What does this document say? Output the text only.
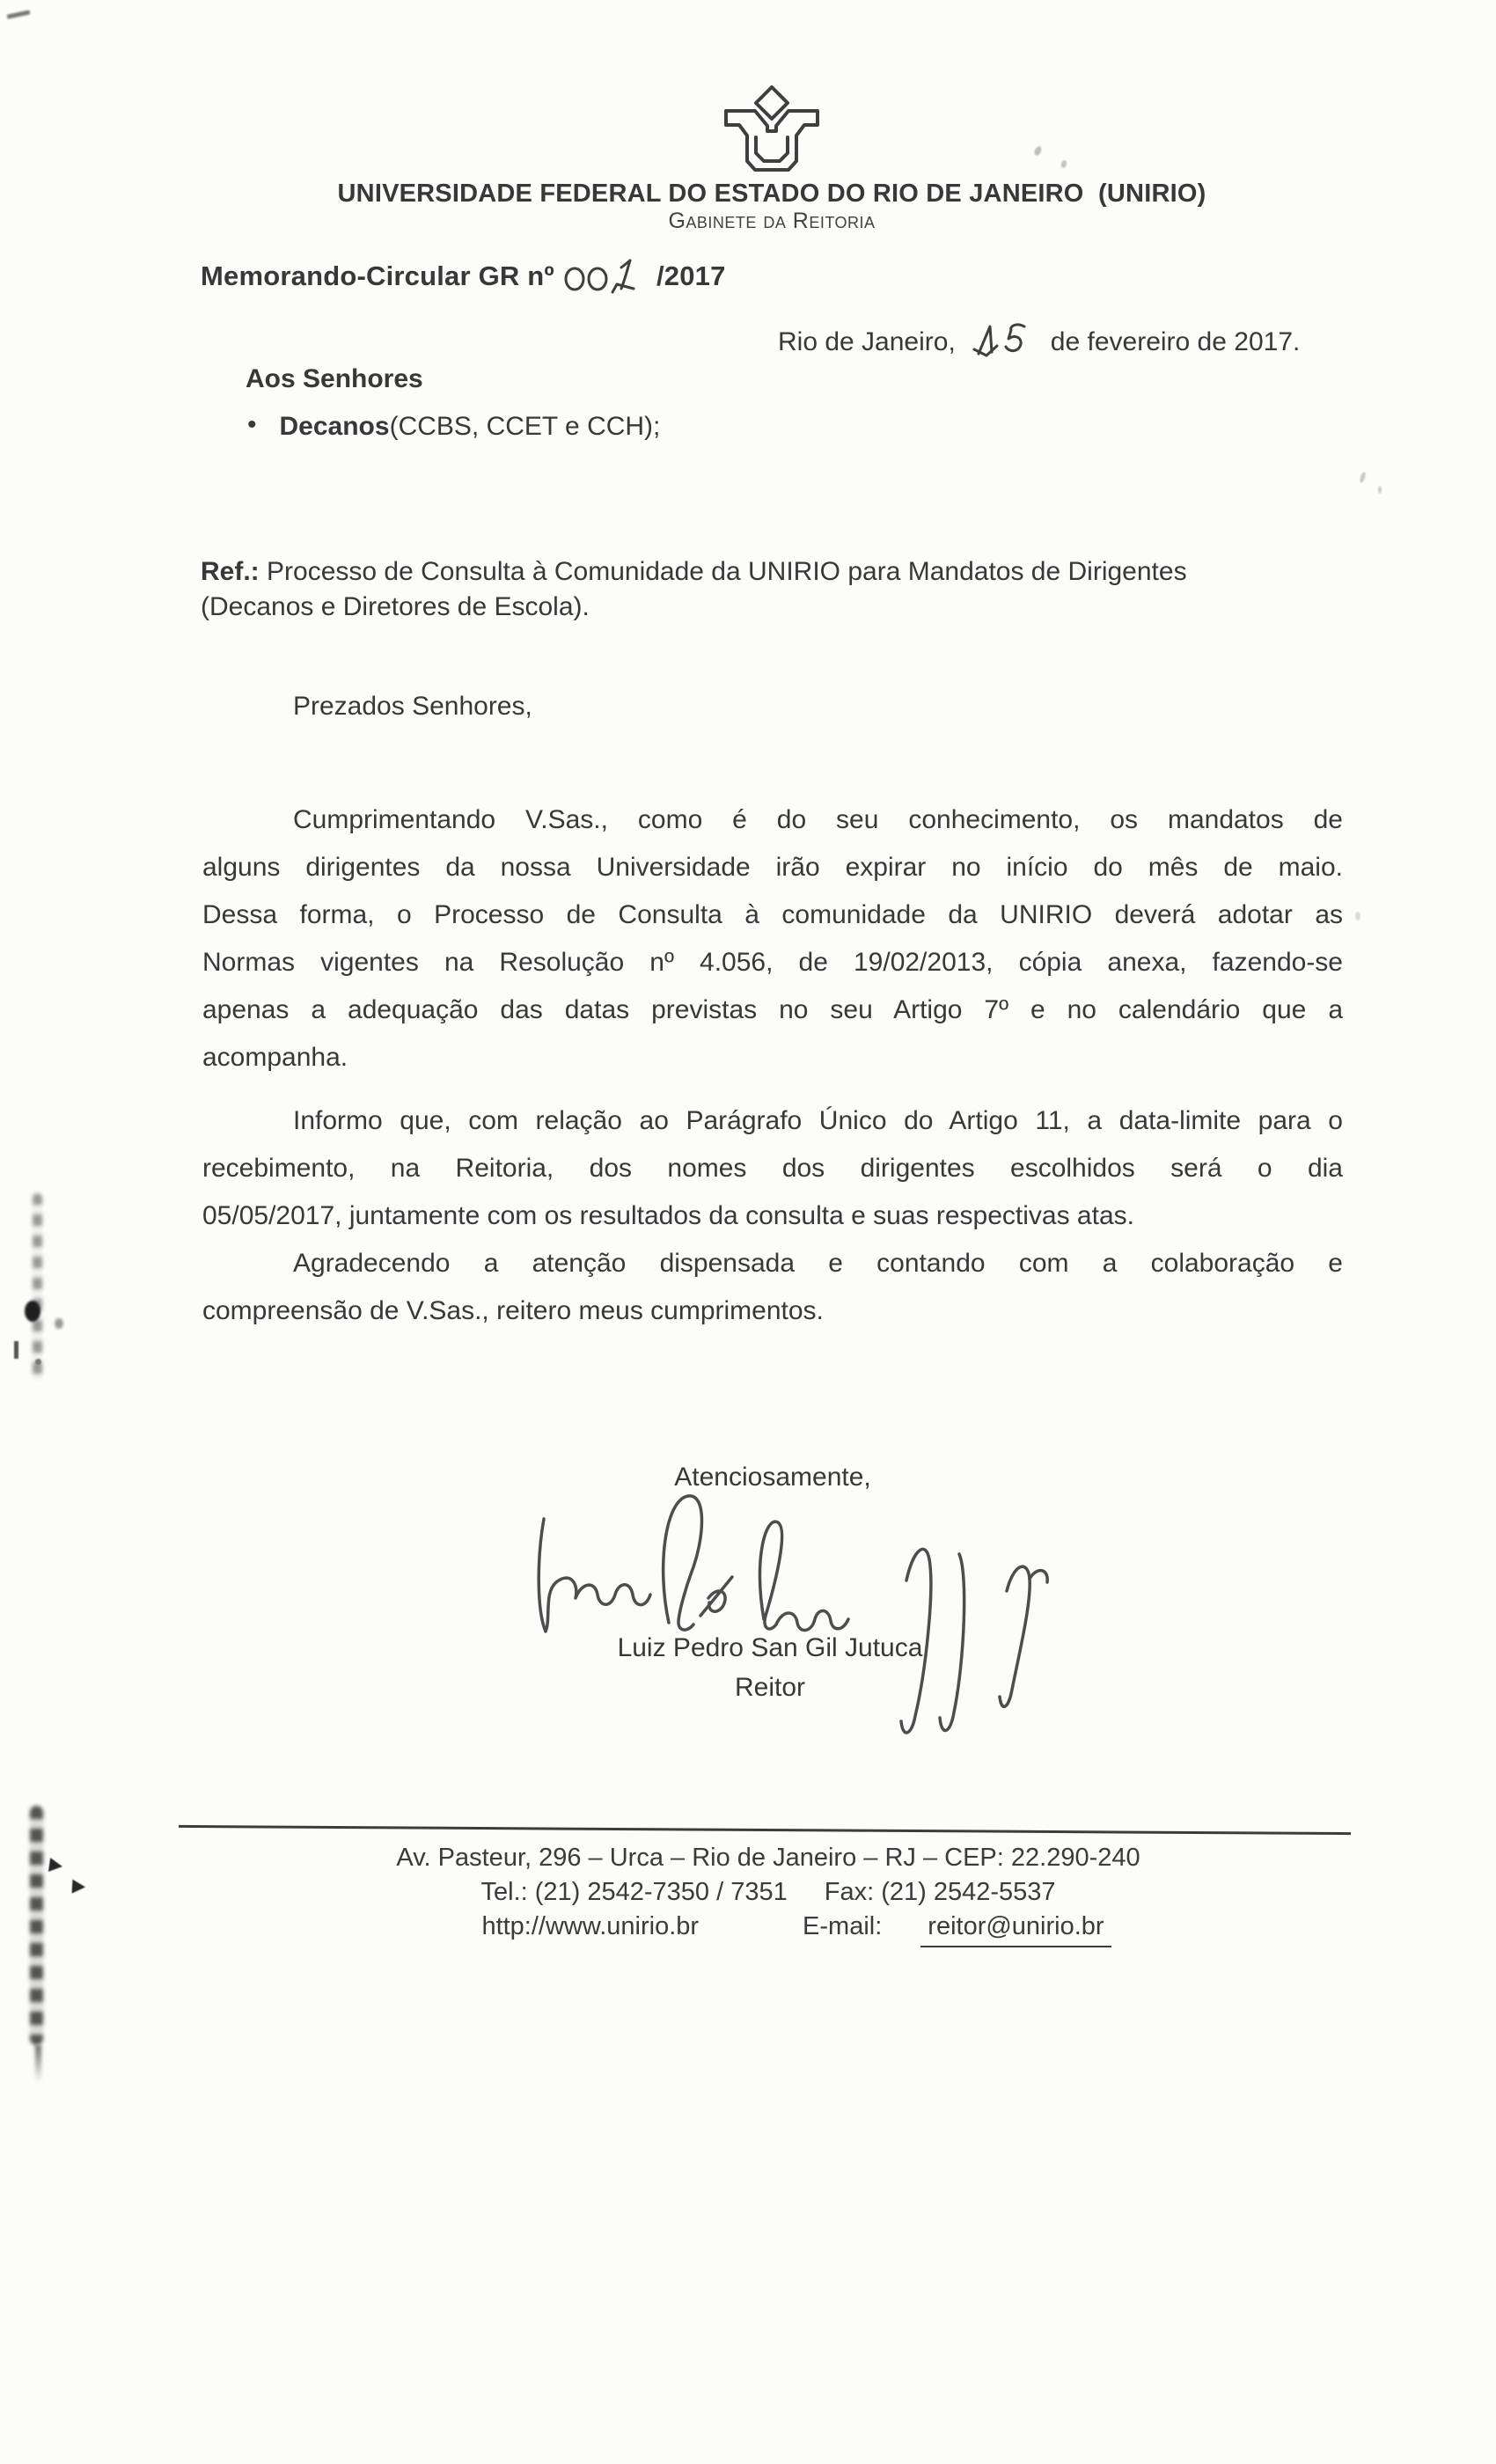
UNIVERSIDADE FEDERAL DO ESTADO DO RIO DE JANEIRO  (UNIRIO)
Gabinete da Reitoria
Memorando-Circular GR nº	/2017
Rio de Janeiro,	de fevereiro de 2017.
Aos Senhores
• Decanos (CCBS, CCET e CCH);
Ref.: Processo de Consulta à Comunidade da UNIRIO para Mandatos de Dirigentes
(Decanos e Diretores de Escola).
Prezados Senhores,
Cumprimentando V.Sas., como é do seu conhecimento, os mandatos de
alguns dirigentes da nossa Universidade irão expirar no início do mês de maio.
Dessa forma, o Processo de Consulta à comunidade da UNIRIO deverá adotar as
Normas vigentes na Resolução nº 4.056, de 19/02/2013, cópia anexa, fazendo-se
apenas a adequação das datas previstas no seu Artigo 7º e no calendário que a
acompanha.
Informo que, com relação ao Parágrafo Único do Artigo 11, a data-limite para o
recebimento, na Reitoria, dos nomes dos dirigentes escolhidos será o dia
05/05/2017, juntamente com os resultados da consulta e suas respectivas atas.
Agradecendo a atenção dispensada e contando com a colaboração e
compreensão de V.Sas., reitero meus cumprimentos.
Atenciosamente,
Luiz Pedro San Gil Jutuca
Reitor
Av. Pasteur, 296 – Urca – Rio de Janeiro – RJ – CEP: 22.290-240
Tel.: (21) 2542-7350 / 7351 Fax: (21) 2542-5537
http://www.unirio.br	E-mail: reitor@unirio.br
